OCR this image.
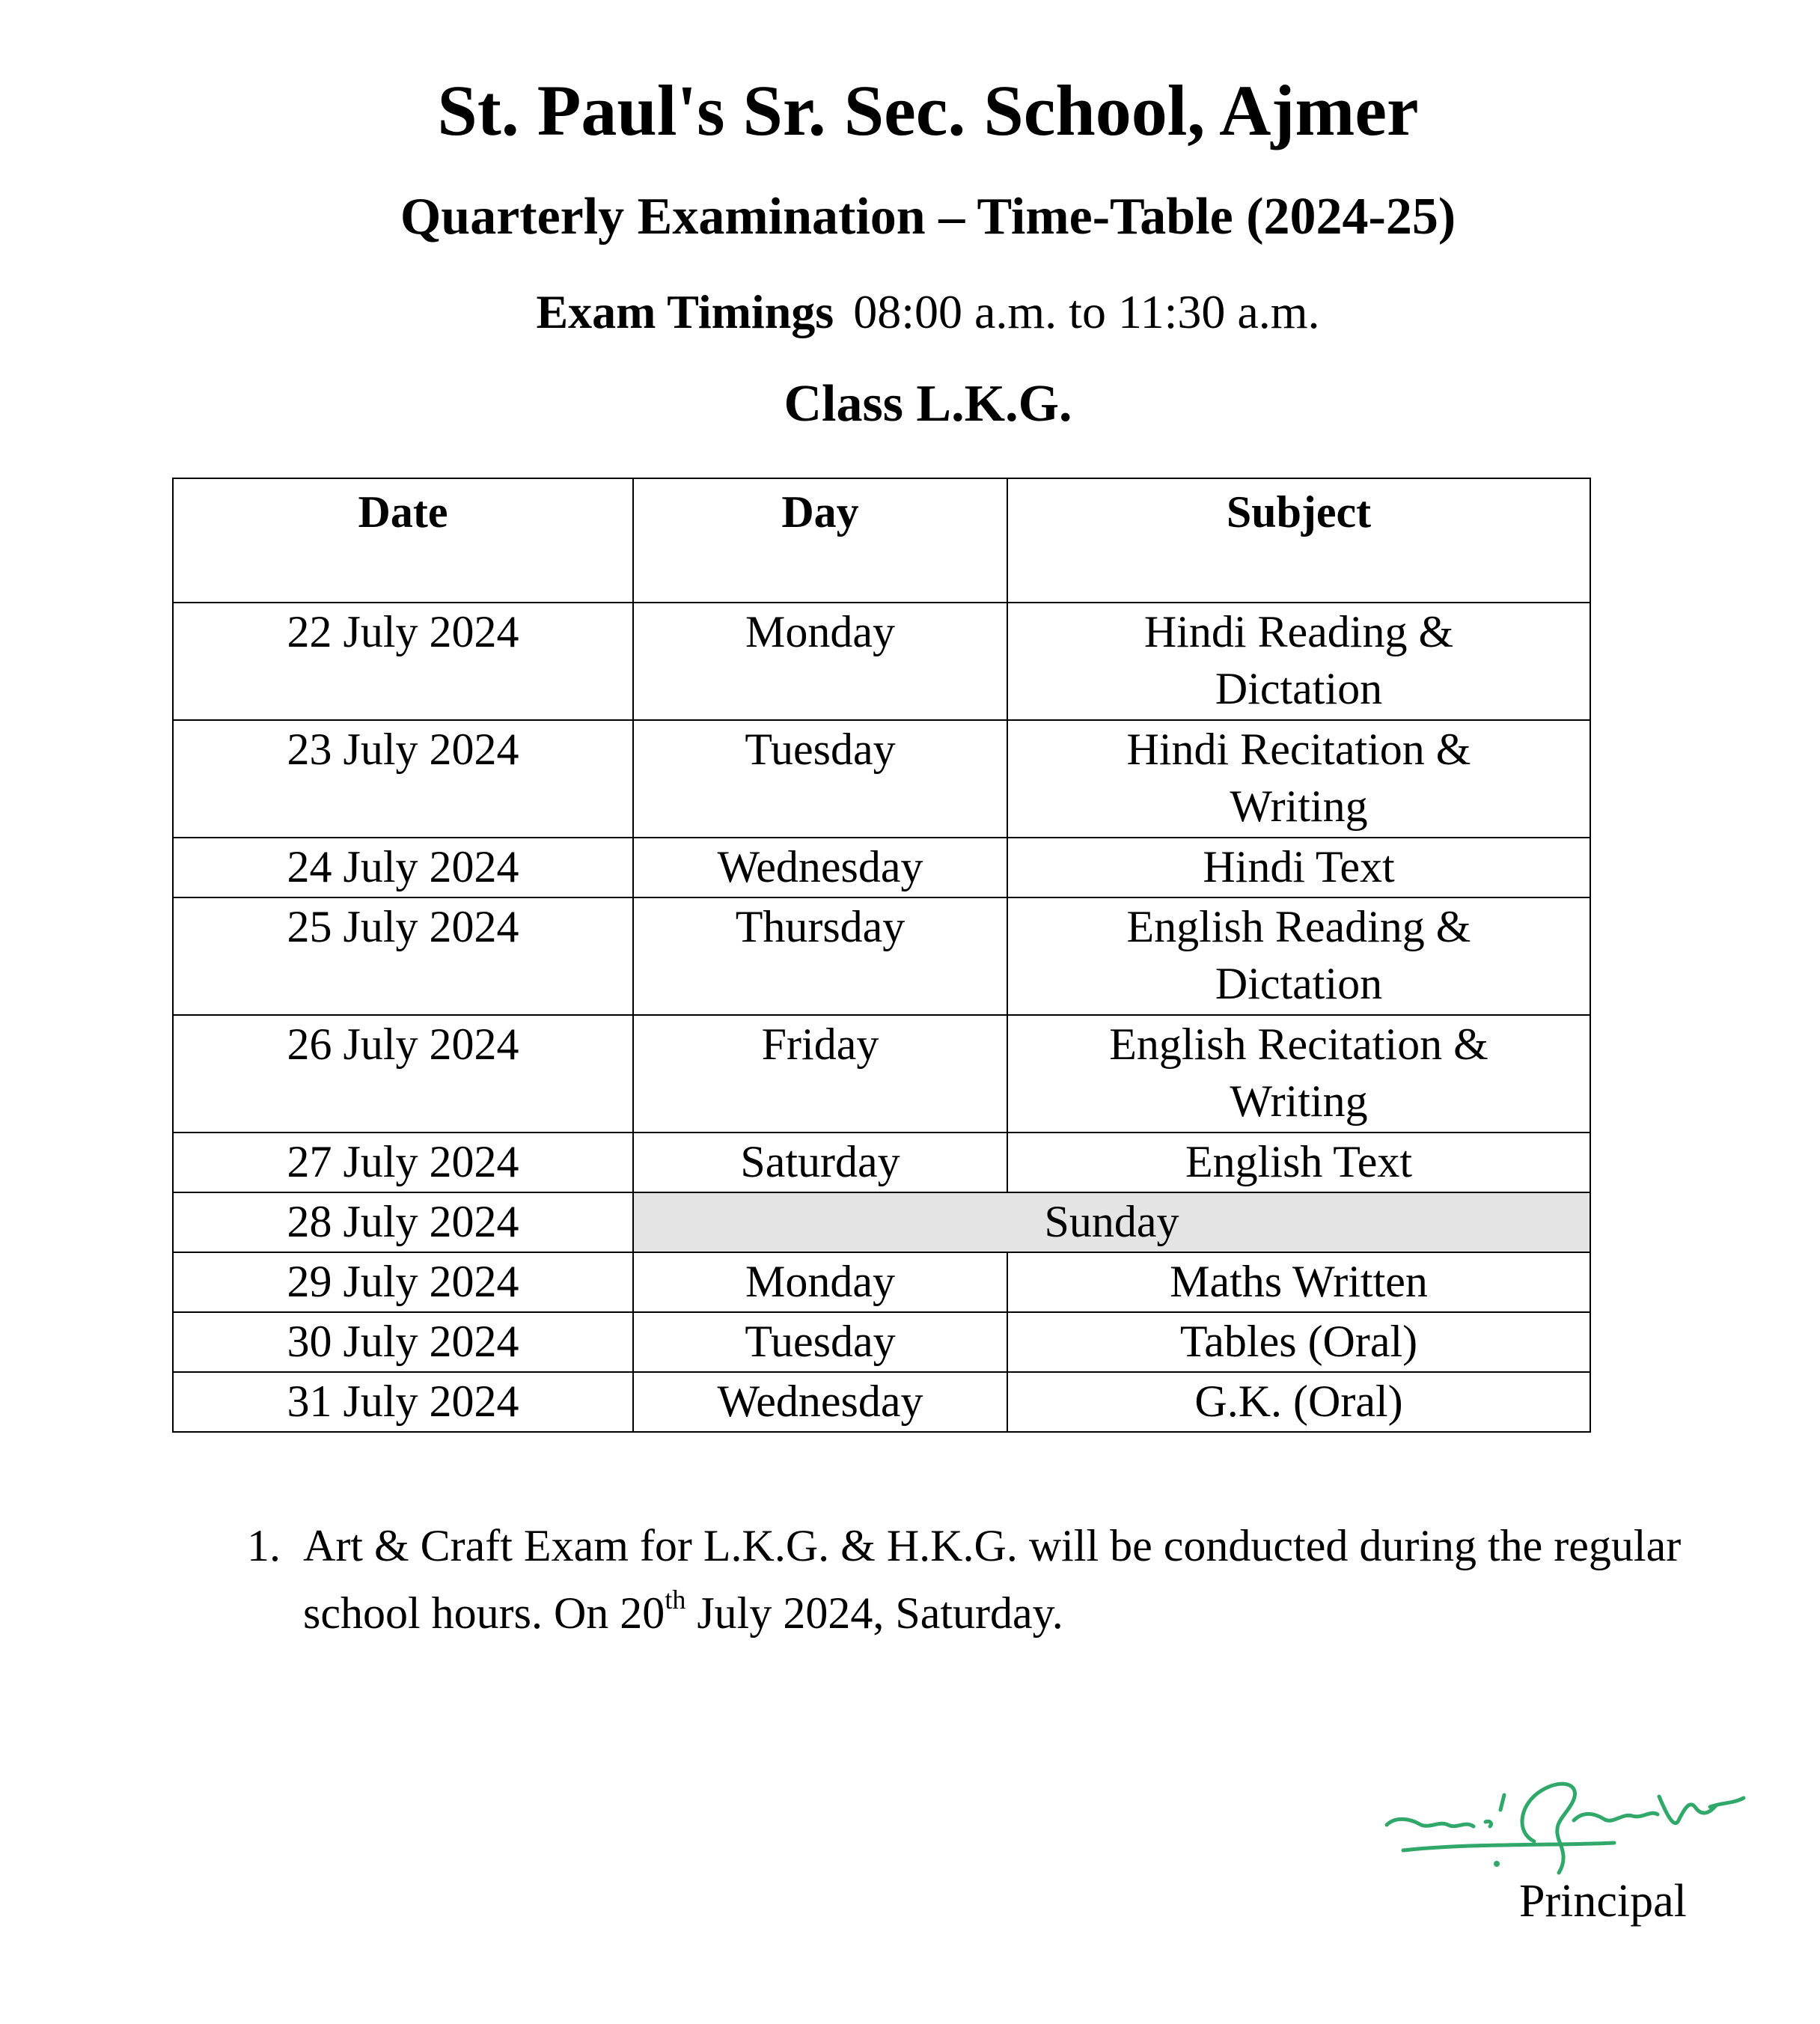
St. Paul's Sr. Sec. School, Ajmer
Quarterly Examination – Time-Table (2024-25)
Exam Timings 08:00 a.m. to 11:30 a.m.
Class L.K.G.
Date	Day	Subject
22 July 2024	Monday	Hindi Reading &
Dictation

23 July 2024	Tuesday	Hindi Recitation &
Writing

24 July 2024	Wednesday	Hindi Text

25 July 2024	Thursday	English Reading &
Dictation

26 July 2024	Friday	English Recitation &
Writing

27 July 2024	Saturday	English Text

28 July 2024	Sunday	
29 July 2024	Monday	Maths Written

30 July 2024	Tuesday	Tables (Oral)

31 July 2024	Wednesday	G.K. (Oral)
1. Art & Craft Exam for L.K.G. & H.K.G. will be conducted during the regular school hours. On 20th July 2024, Saturday.
Principal
